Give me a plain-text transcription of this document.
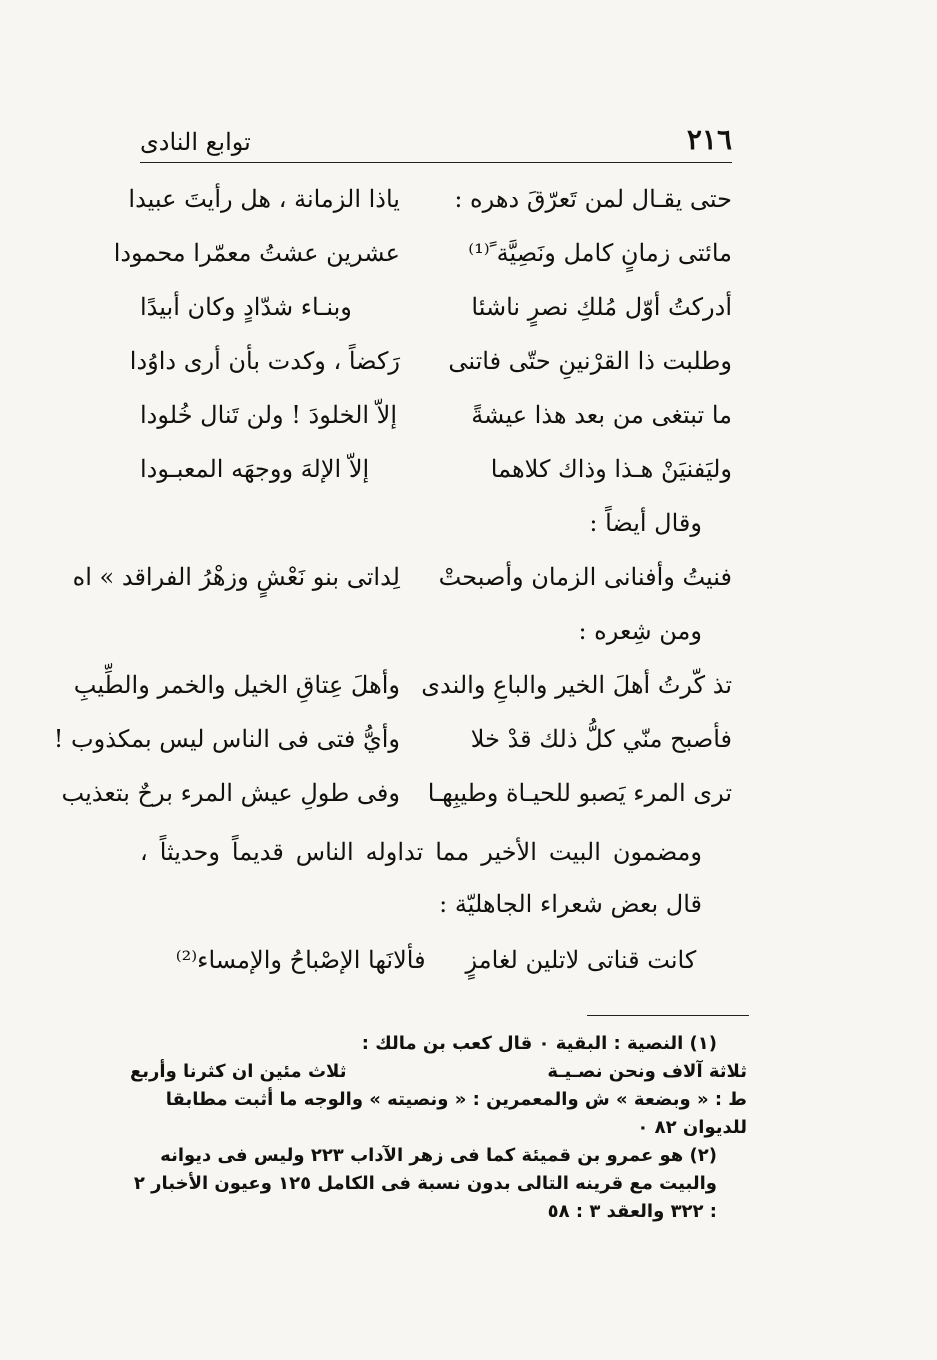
٢١٦
توابع النادى
حتى يقـال لمن تَعرّقَ دهره :
ياذا الزمانة ، هل رأيتَ عبيدا
مائتى زمانٍ كامل ونَصِيَّة ً⁽¹⁾
عشرين عشتُ معمّرا محمودا
أدركتُ أوّل مُلكِ نصرٍ ناشئا
وبنـاء شدّادٍ وكان أبيدًا
وطلبت ذا القرْنينِ حتّى فاتنى
رَكضاً ، وكدت بأن أرى داوُدا
ما تبتغى من بعد هذا عيشةً
إلاّ الخلودَ ! ولن تَنال خُلودا
وليَفنيَنْ هـذا وذاك كلاهما
إلاّ الإلهَ ووجهَه المعبـودا
وقال أيضاً :
فنيتُ وأفنانى الزمان وأصبحتْ
لِداتى بنو نَعْشٍ وزهْرُ الفراقد » اه
ومن شِعره :
تذ كّرتُ أهلَ الخير والباعِ والندى
وأهلَ عِتاقِ الخيل والخمر والطِّيبِ
فأصبح منّي كلُّ ذلك قدْ خلا
وأيُّ فتى فى الناس ليس بمكذوب !
ترى المرء يَصبو للحيـاة وطيبِهـا
وفى طولِ عيش المرء برحٌ بتعذيب

ومضمون البيت الأخير مما تداوله الناس قديماً وحديثاً ، قال بعض شعراء الجاهليّة :

كانت قناتى لاتلين لغامزٍ
فألانَها الإصْباحُ والإمساء⁽²⁾

(١) النصية : البقية ٠ قال كعب بن مالك :

ثلاثة آلاف ونحن نصـيـة
ثلاث مئين ان كثرنا وأربع

ط : « وبضعة » ش والمعمرين : « ونصيته » والوجه ما أثبت مطابقا للديوان ٨٢ ٠

(٢) هو عمرو بن قميئة كما فى زهر الآداب ٢٢٣ وليس فى ديوانه والبيت مع قرينه التالى بدون نسبة فى الكامل ١٢٥ وعيون الأخبار ٢ : ٣٢٢ والعقد ٣ : ٥٨
